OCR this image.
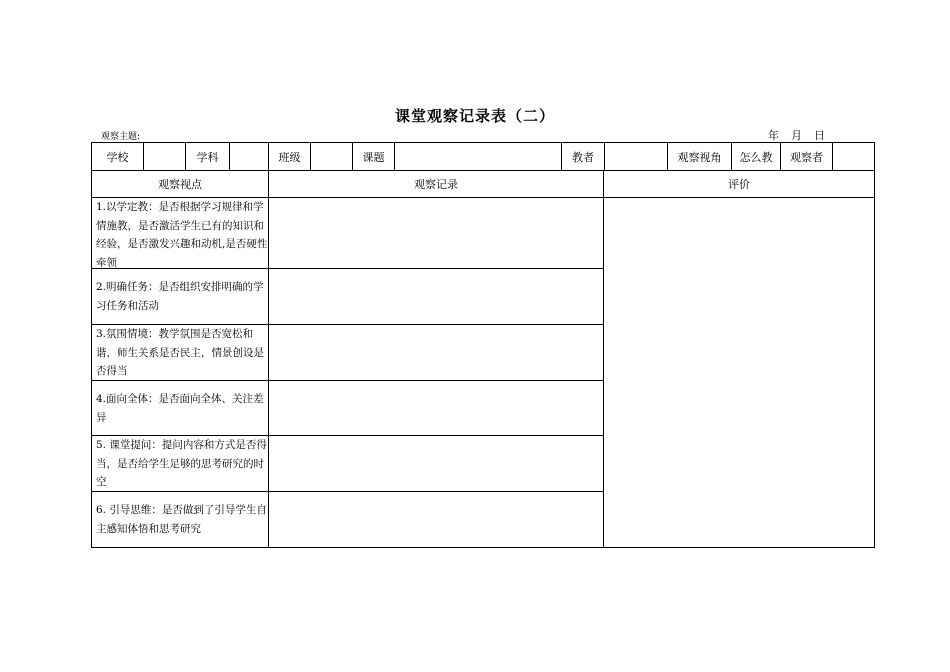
课堂观察记录表（二）
观察主题:	年 月 日
学校	学科	班级	课题	教者	观察视角	怎么教	观察者
观察视点	观察记录	评价
1.以学定教：是否根据学习规律和学情施教，是否激活学生已有的知识和经验，是否激发兴趣和动机,是否硬性牵领
2.明确任务：是否组织安排明确的学习任务和活动
3.氛围情境：教学氛围是否宽松和谐，师生关系是否民主，情景创设是否得当
4.面向全体：是否面向全体、关注差异
5. 课堂提问：提问内容和方式是否得当，是否给学生足够的思考研究的时空
6. 引导思维：是否做到了引导学生自主感知体悟和思考研究
